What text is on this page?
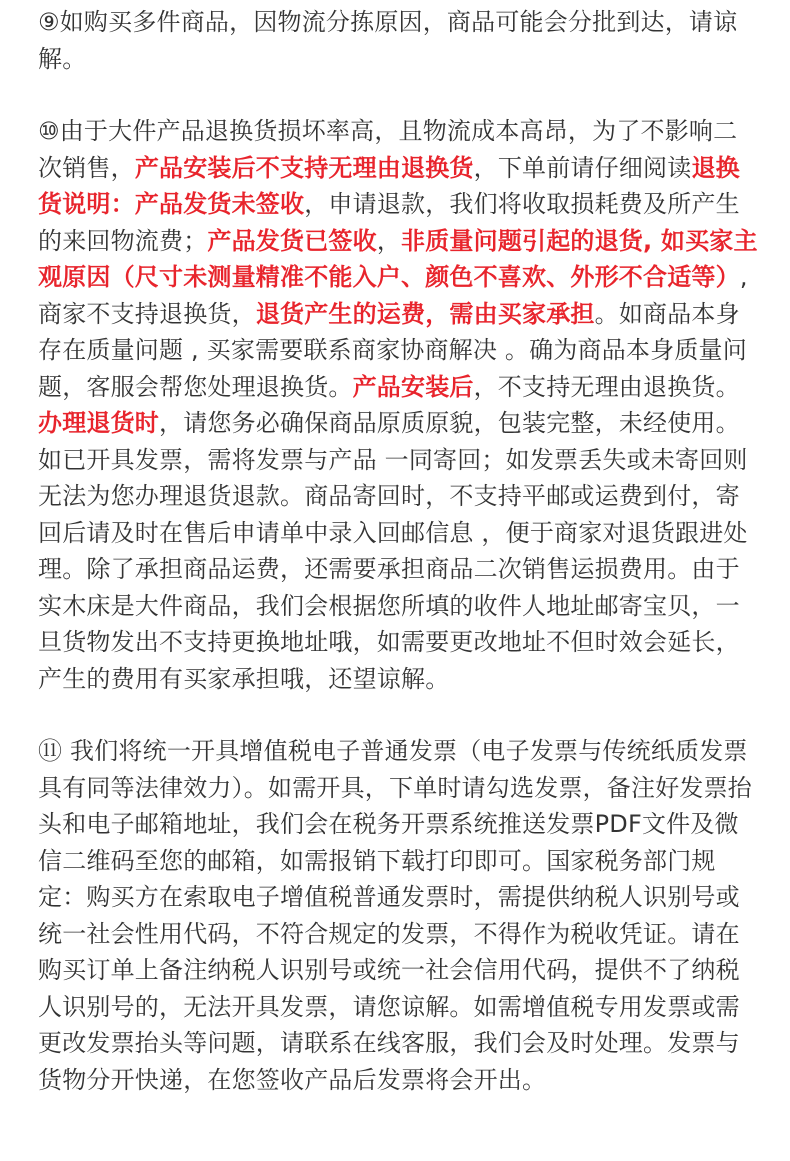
⑨如购买多件商品，因物流分拣原因，商品可能会分批到达，请谅解。

⑩由于大件产品退换货损坏率高，且物流成本高昂，为了不影响二次销售，产品安装后不支持无理由退换货，下单前请仔细阅读退换货说明：产品发货未签收，申请退款，我们将收取损耗费及所产生的来回物流费；产品发货已签收，非质量问题引起的退货, 如买家主观原因（尺寸未测量精准不能入户、颜色不喜欢、外形不合适等）, 商家不支持退换货，退货产生的运费，需由买家承担。如商品本身存在质量问题 , 买家需要联系商家协商解决 。确为商品本身质量问题，客服会帮您处理退换货。产品安装后，不支持无理由退换货。办理退货时，请您务必确保商品原质原貌，包装完整，未经使用。如已开具发票，需将发票与产品 一同寄回；如发票丢失或未寄回则无法为您办理退货退款。商品寄回时，不支持平邮或运费到付，寄回后请及时在售后申请单中录入回邮信息 ，便于商家对退货跟进处理。除了承担商品运费，还需要承担商品二次销售运损费用。由于实木床是大件商品，我们会根据您所填的收件人地址邮寄宝贝，一旦货物发出不支持更换地址哦，如需要更改地址不但时效会延长，产生的费用有买家承担哦，还望谅解。

⑪ 我们将统一开具增值税电子普通发票（电子发票与传统纸质发票具有同等法律效力）。如需开具，下单时请勾选发票，备注好发票抬头和电子邮箱地址，我们会在税务开票系统推送发票PDF文件及微信二维码至您的邮箱，如需报销下载打印即可。国家税务部门规定：购买方在索取电子增值税普通发票时，需提供纳税人识别号或统一社会性用代码，不符合规定的发票，不得作为税收凭证。请在购买订单上备注纳税人识别号或统一社会信用代码，提供不了纳税人识别号的，无法开具发票，请您谅解。如需增值税专用发票或需更改发票抬头等问题，请联系在线客服，我们会及时处理。发票与货物分开快递，在您签收产品后发票将会开出。
